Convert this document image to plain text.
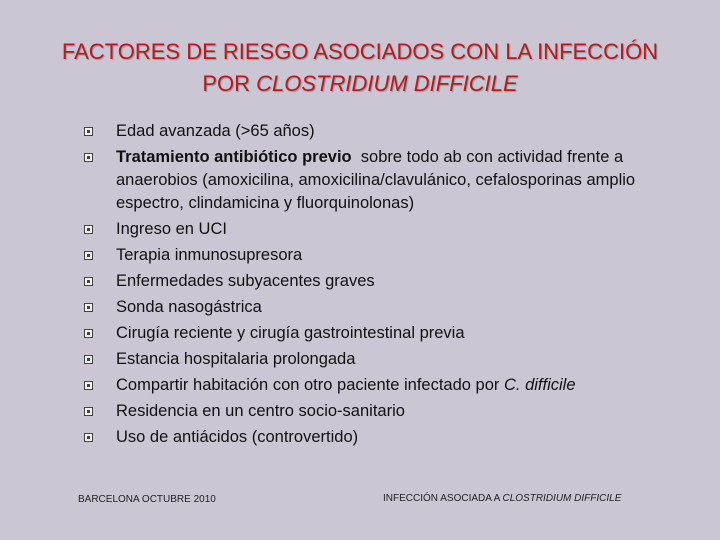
FACTORES DE RIESGO ASOCIADOS CON LA INFECCIÓN
POR CLOSTRIDIUM DIFFICILE
Edad avanzada (>65 años)
Tratamiento antibiótico previo  sobre todo ab con actividad frente a anaerobios (amoxicilina, amoxicilina/clavulánico, cefalosporinas amplio espectro, clindamicina y fluorquinolonas)
Ingreso en UCI
Terapia inmunosupresora
Enfermedades subyacentes graves
Sonda nasogástrica
Cirugía reciente y cirugía gastrointestinal previa
Estancia hospitalaria prolongada
Compartir habitación con otro paciente infectado por C. difficile
Residencia en un centro socio-sanitario
Uso de antiácidos (controvertido)
BARCELONA OCTUBRE 2010	INFECCIÓN ASOCIADA A CLOSTRIDIUM DIFFICILE
